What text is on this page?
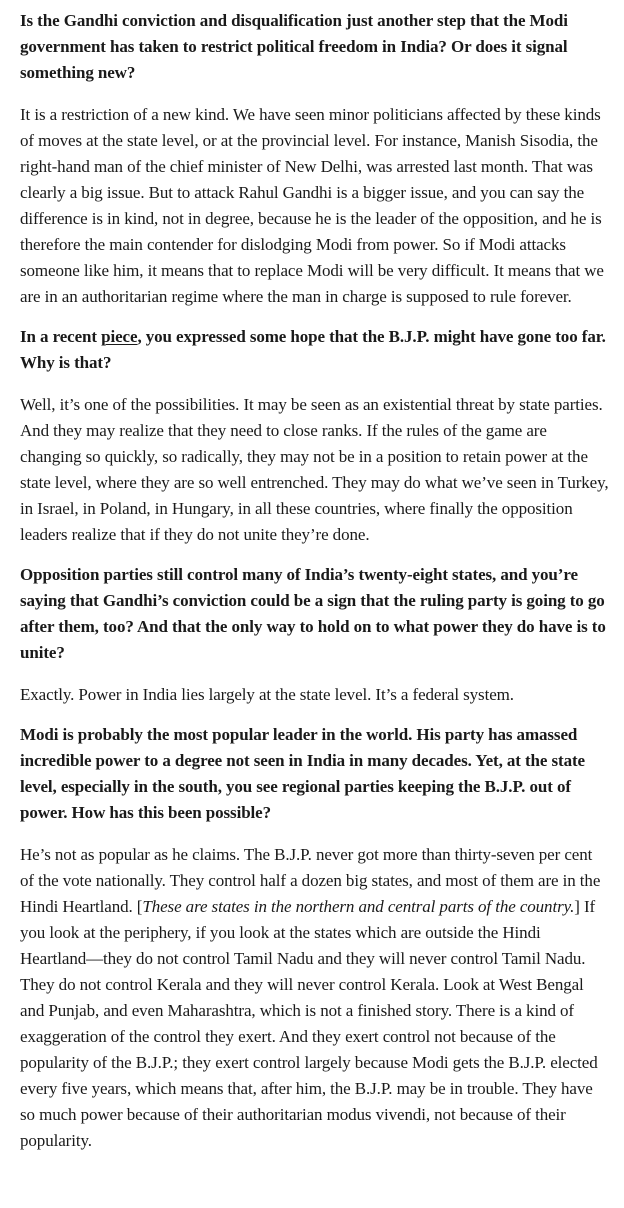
Is the Gandhi conviction and disqualification just another step that the Modi government has taken to restrict political freedom in India? Or does it signal something new?

It is a restriction of a new kind. We have seen minor politicians affected by these kinds of moves at the state level, or at the provincial level. For instance, Manish Sisodia, the right-hand man of the chief minister of New Delhi, was arrested last month. That was clearly a big issue. But to attack Rahul Gandhi is a bigger issue, and you can say the difference is in kind, not in degree, because he is the leader of the opposition, and he is therefore the main contender for dislodging Modi from power. So if Modi attacks someone like him, it means that to replace Modi will be very difficult. It means that we are in an authoritarian regime where the man in charge is supposed to rule forever.

In a recent piece, you expressed some hope that the B.J.P. might have gone too far. Why is that?

Well, it’s one of the possibilities. It may be seen as an existential threat by state parties. And they may realize that they need to close ranks. If the rules of the game are changing so quickly, so radically, they may not be in a position to retain power at the state level, where they are so well entrenched. They may do what we’ve seen in Turkey, in Israel, in Poland, in Hungary, in all these countries, where finally the opposition leaders realize that if they do not unite they’re done.

Opposition parties still control many of India’s twenty-eight states, and you’re saying that Gandhi’s conviction could be a sign that the ruling party is going to go after them, too? And that the only way to hold on to what power they do have is to unite?

Exactly. Power in India lies largely at the state level. It’s a federal system.

Modi is probably the most popular leader in the world. His party has amassed incredible power to a degree not seen in India in many decades. Yet, at the state level, especially in the south, you see regional parties keeping the B.J.P. out of power. How has this been possible?

He’s not as popular as he claims. The B.J.P. never got more than thirty-seven per cent of the vote nationally. They control half a dozen big states, and most of them are in the Hindi Heartland. [These are states in the northern and central parts of the country.] If you look at the periphery, if you look at the states which are outside the Hindi Heartland—they do not control Tamil Nadu and they will never control Tamil Nadu. They do not control Kerala and they will never control Kerala. Look at West Bengal and Punjab, and even Maharashtra, which is not a finished story. There is a kind of exaggeration of the control they exert. And they exert control not because of the popularity of the B.J.P.; they exert control largely because Modi gets the B.J.P. elected every five years, which means that, after him, the B.J.P. may be in trouble. They have so much power because of their authoritarian modus vivendi, not because of their popularity.
